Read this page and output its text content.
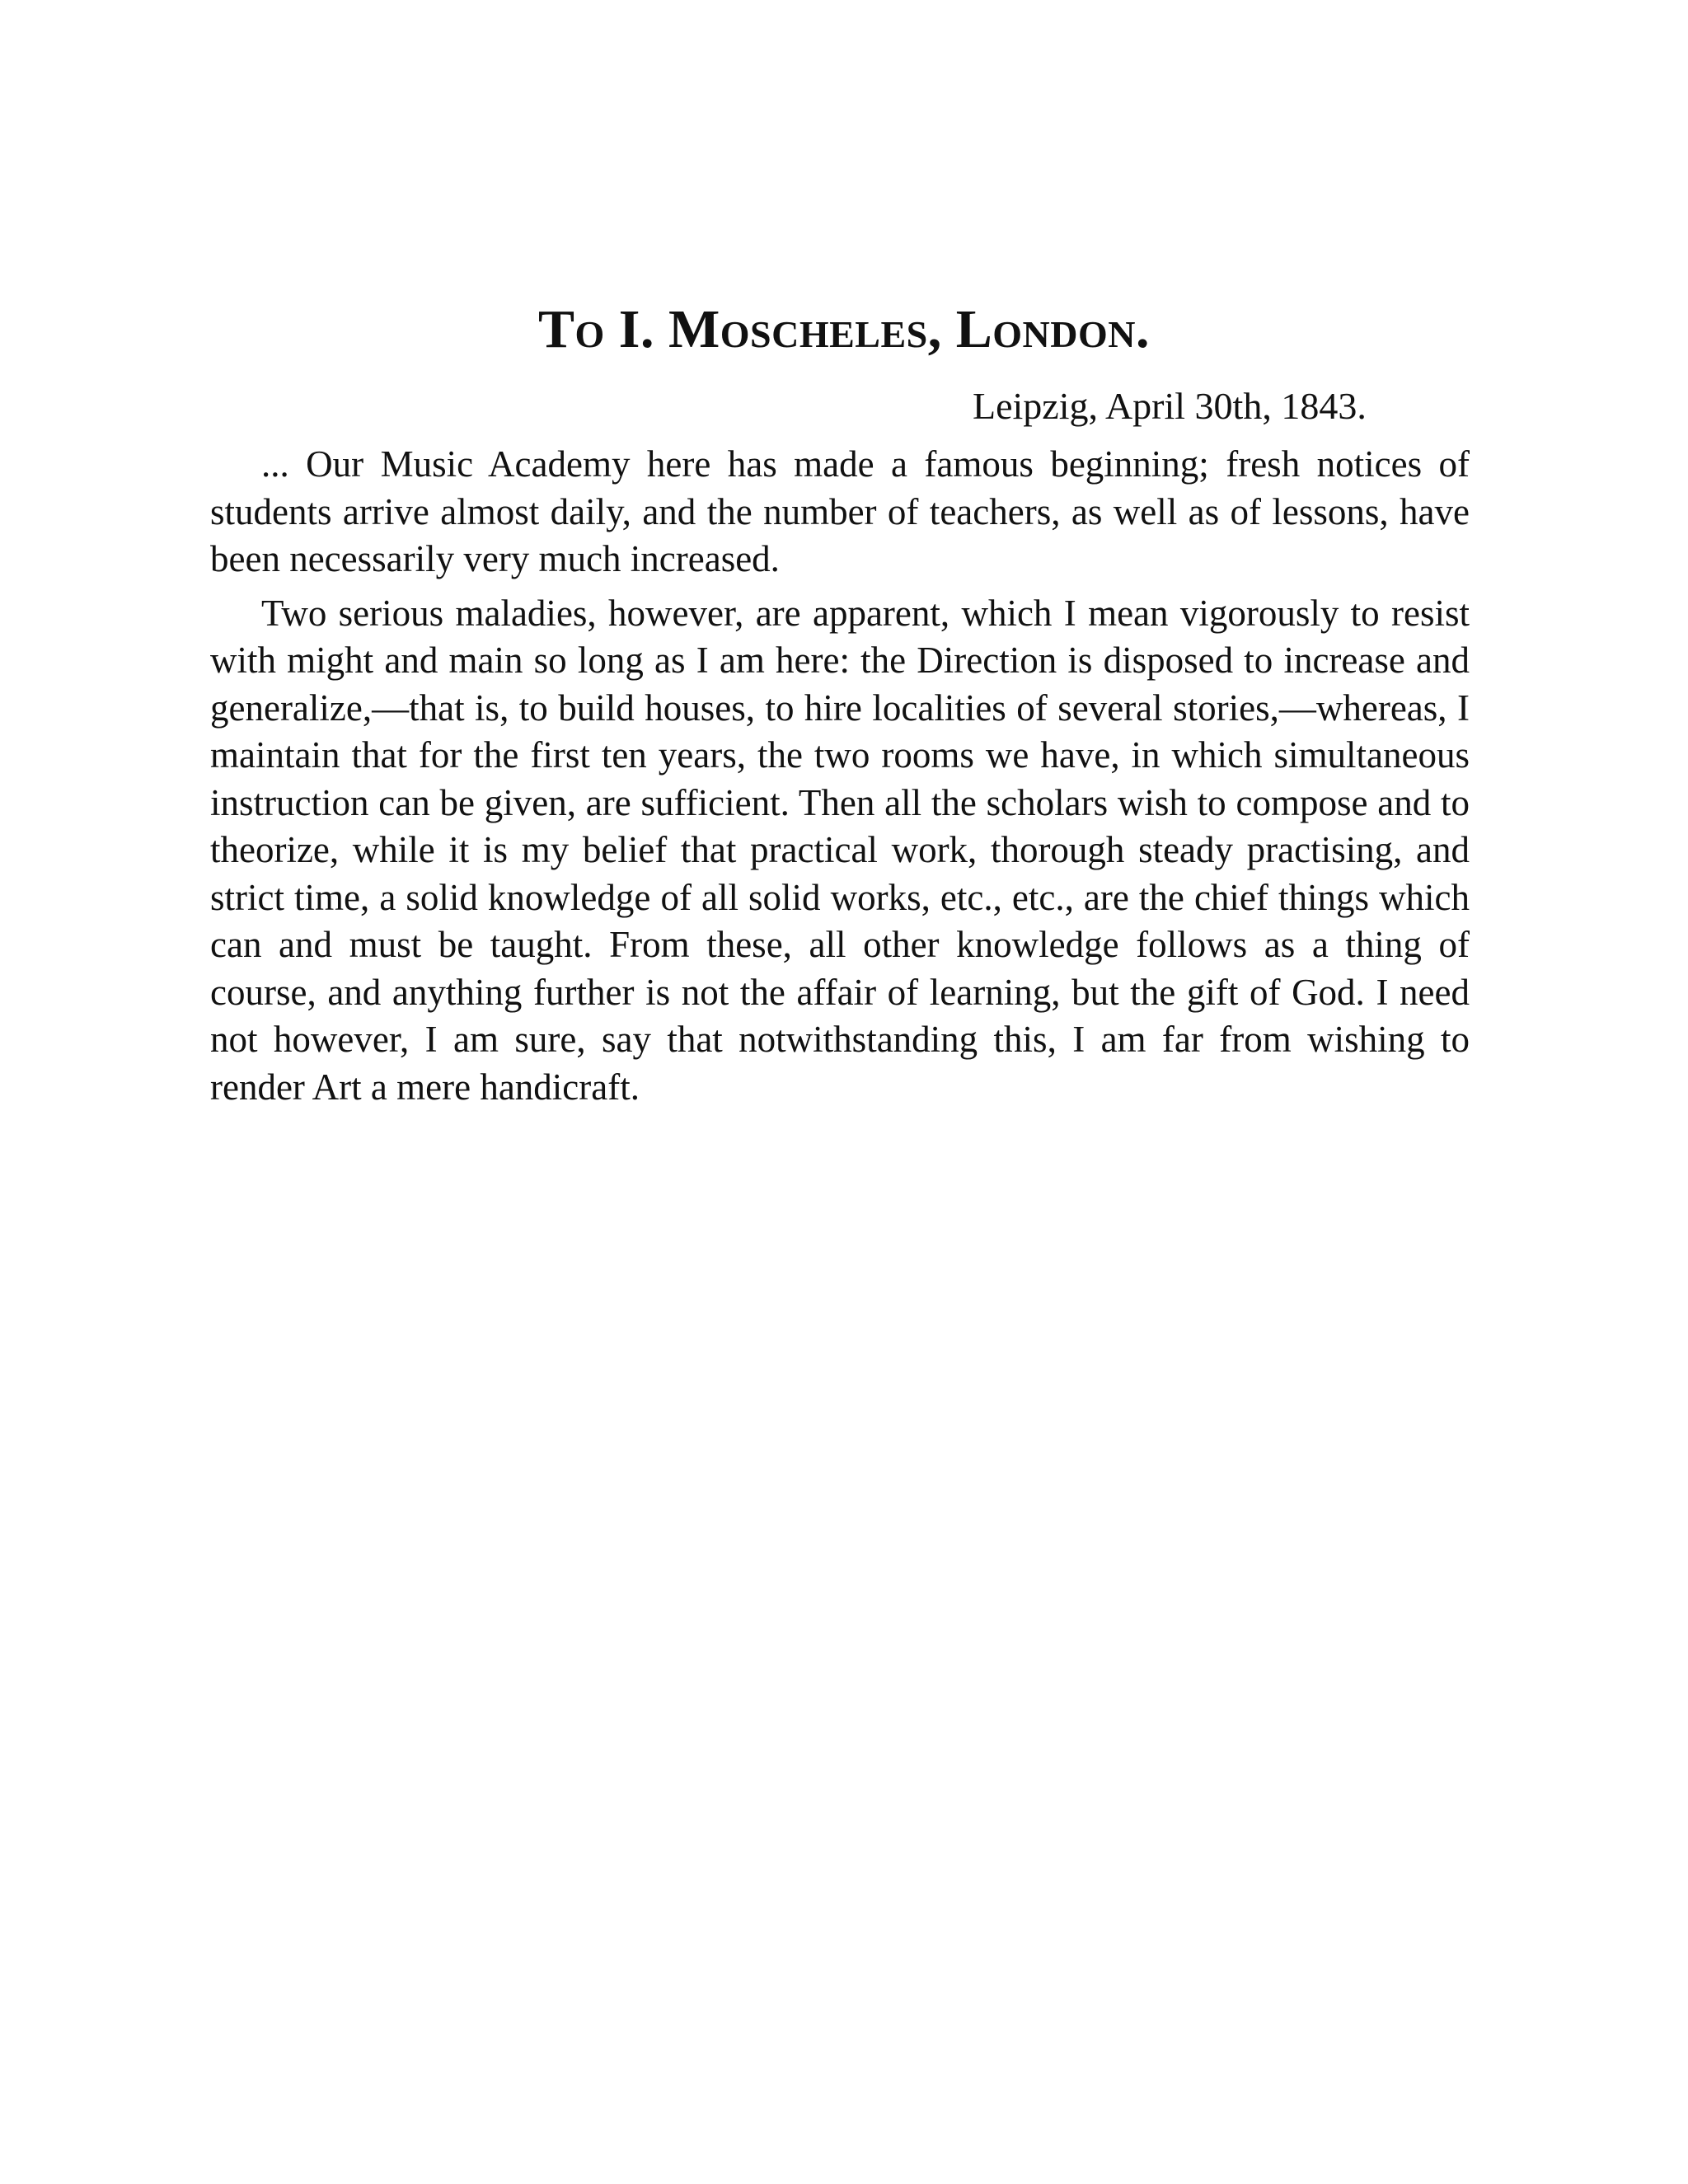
To I. Moscheles, London.

Leipzig, April 30th, 1843.

... Our Music Academy here has made a famous beginning; fresh notices of students arrive almost daily, and the number of teachers, as well as of lessons, have been necessarily very much increased.

Two serious maladies, however, are apparent, which I mean vigorously to resist with might and main so long as I am here: the Direction is disposed to increase and generalize,—that is, to build houses, to hire localities of several stories,—whereas, I maintain that for the first ten years, the two rooms we have, in which simultaneous instruction can be given, are sufficient. Then all the scholars wish to compose and to theorize, while it is my belief that practical work, thorough steady practising, and strict time, a solid knowledge of all solid works, etc., etc., are the chief things which can and must be taught. From these, all other knowledge follows as a thing of course, and anything further is not the affair of learning, but the gift of God. I need not however, I am sure, say that notwithstanding this, I am far from wishing to render Art a mere handicraft.
